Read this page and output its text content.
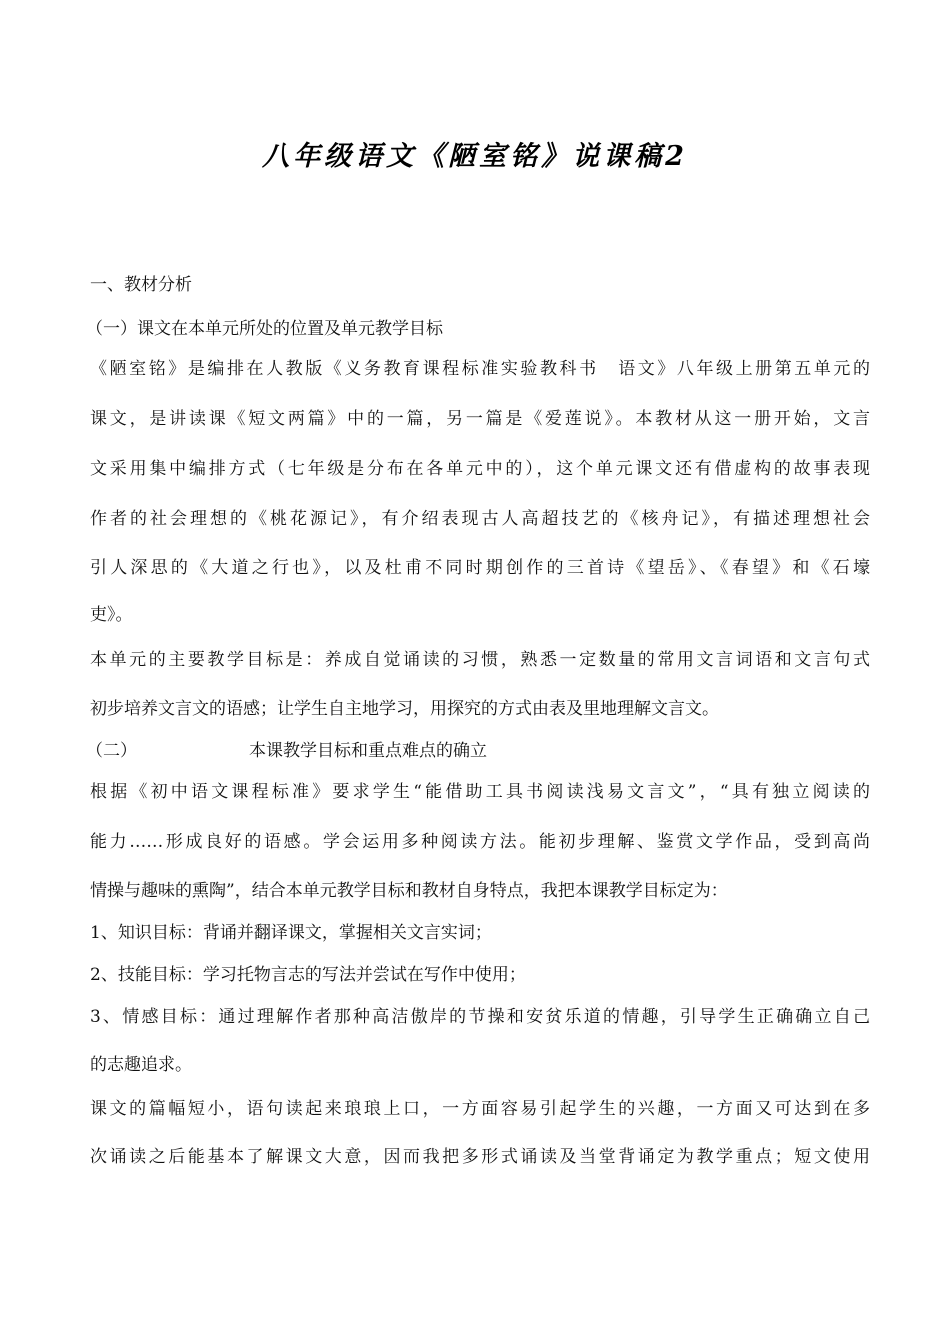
八年级语文《陋室铭》说课稿2
一、教材分析
（一）课文在本单元所处的位置及单元教学目标
《陋室铭》是编排在人教版《义务教育课程标准实验教科书　语文》八年级上册第五单元的
课文，是讲读课《短文两篇》中的一篇，另一篇是《爱莲说》。本教材从这一册开始，文言
文采用集中编排方式（七年级是分布在各单元中的），这个单元课文还有借虚构的故事表现
作者的社会理想的《桃花源记》，有介绍表现古人高超技艺的《核舟记》，有描述理想社会
引人深思的《大道之行也》，以及杜甫不同时期创作的三首诗《望岳》、《春望》和《石壕
吏》。
本单元的主要教学目标是：养成自觉诵读的习惯，熟悉一定数量的常用文言词语和文言句式
初步培养文言文的语感；让学生自主地学习，用探究的方式由表及里地理解文言文。
（二）	本课教学目标和重点难点的确立
根据《初中语文课程标准》要求学生“能借助工具书阅读浅易文言文”，“具有独立阅读的
能力……形成良好的语感。学会运用多种阅读方法。能初步理解、鉴赏文学作品，受到高尚
情操与趣味的熏陶”，结合本单元教学目标和教材自身特点，我把本课教学目标定为：
1、知识目标：背诵并翻译课文，掌握相关文言实词；
2、技能目标：学习托物言志的写法并尝试在写作中使用；
3、情感目标：通过理解作者那种高洁傲岸的节操和安贫乐道的情趣，引导学生正确确立自己
的志趣追求。
课文的篇幅短小，语句读起来琅琅上口，一方面容易引起学生的兴趣，一方面又可达到在多
次诵读之后能基本了解课文大意，因而我把多形式诵读及当堂背诵定为教学重点；短文使用
